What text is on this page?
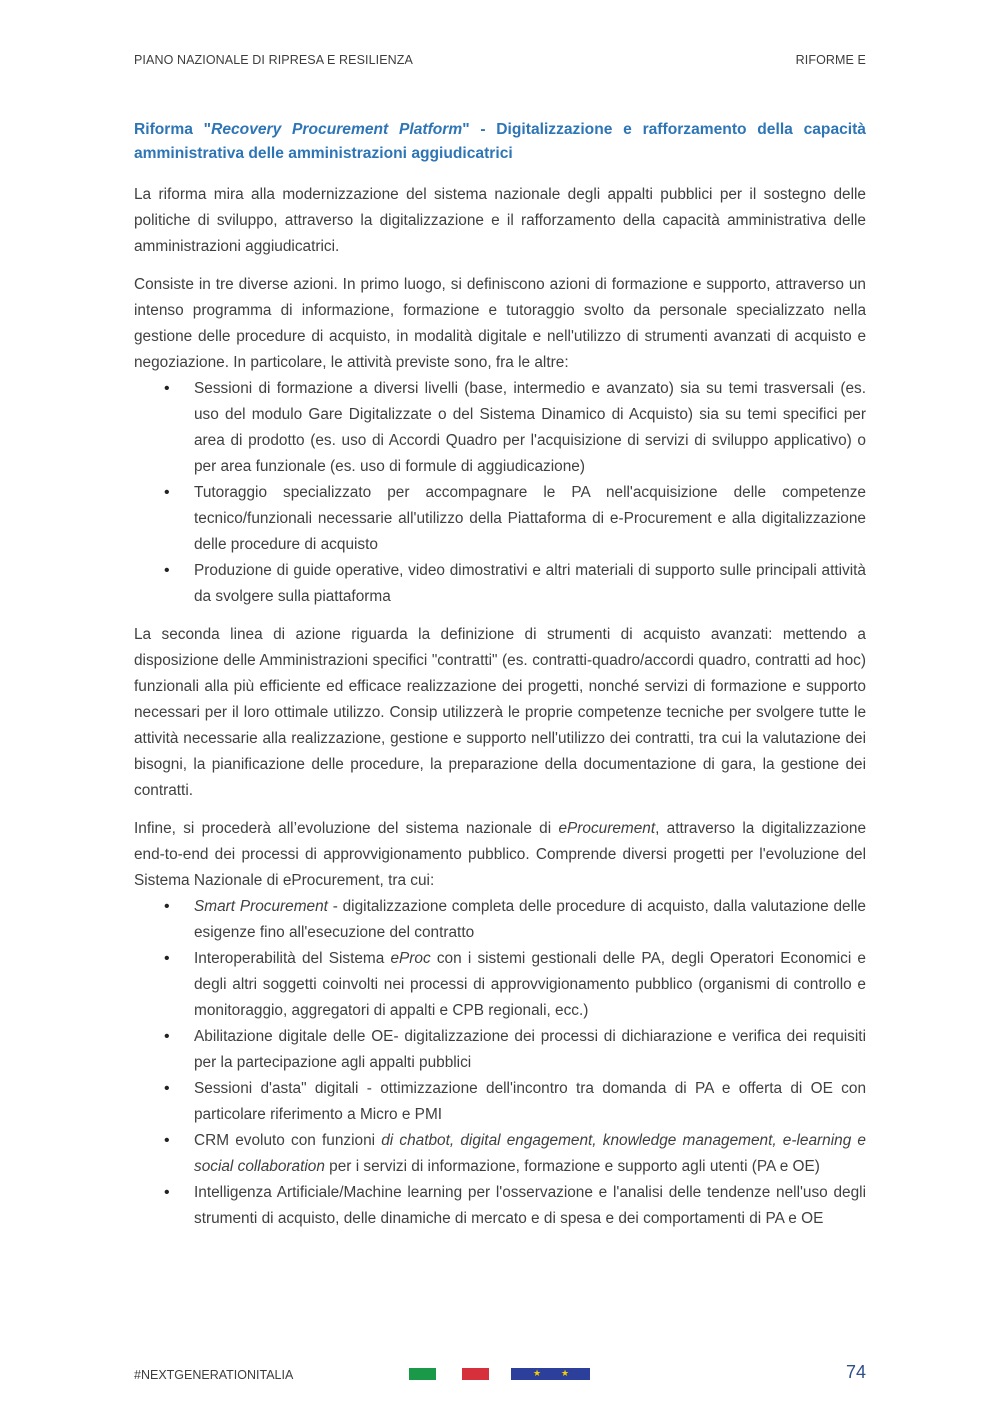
PIANO NAZIONALE DI RIPRESA E RESILIENZA	RIFORME E
Riforma "Recovery Procurement Platform" - Digitalizzazione e rafforzamento della capacità amministrativa delle amministrazioni aggiudicatrici

La riforma mira alla modernizzazione del sistema nazionale degli appalti pubblici per il sostegno delle politiche di sviluppo, attraverso la digitalizzazione e il rafforzamento della capacità amministrativa delle amministrazioni aggiudicatrici.

Consiste in tre diverse azioni. In primo luogo, si definiscono azioni di formazione e supporto, attraverso un intenso programma di informazione, formazione e tutoraggio svolto da personale specializzato nella gestione delle procedure di acquisto, in modalità digitale e nell'utilizzo di strumenti avanzati di acquisto e negoziazione. In particolare, le attività previste sono, fra le altre:

• Sessioni di formazione a diversi livelli (base, intermedio e avanzato) sia su temi trasversali (es. uso del modulo Gare Digitalizzate o del Sistema Dinamico di Acquisto) sia su temi specifici per area di prodotto (es. uso di Accordi Quadro per l'acquisizione di servizi di sviluppo applicativo) o per area funzionale (es. uso di formule di aggiudicazione)
• Tutoraggio specializzato per accompagnare le PA nell'acquisizione delle competenze tecnico/funzionali necessarie all'utilizzo della Piattaforma di e-Procurement e alla digitalizzazione delle procedure di acquisto
• Produzione di guide operative, video dimostrativi e altri materiali di supporto sulle principali attività da svolgere sulla piattaforma

La seconda linea di azione riguarda la definizione di strumenti di acquisto avanzati: mettendo a disposizione delle Amministrazioni specifici "contratti" (es. contratti-quadro/accordi quadro, contratti ad hoc) funzionali alla più efficiente ed efficace realizzazione dei progetti, nonché servizi di formazione e supporto necessari per il loro ottimale utilizzo. Consip utilizzerà le proprie competenze tecniche per svolgere tutte le attività necessarie alla realizzazione, gestione e supporto nell'utilizzo dei contratti, tra cui la valutazione dei bisogni, la pianificazione delle procedure, la preparazione della documentazione di gara, la gestione dei contratti.

Infine, si procederà all’evoluzione del sistema nazionale di eProcurement, attraverso la digitalizzazione end-to-end dei processi di approvvigionamento pubblico. Comprende diversi progetti per l'evoluzione del Sistema Nazionale di eProcurement, tra cui:

• Smart Procurement - digitalizzazione completa delle procedure di acquisto, dalla valutazione delle esigenze fino all'esecuzione del contratto
• Interoperabilità del Sistema eProc con i sistemi gestionali delle PA, degli Operatori Economici e degli altri soggetti coinvolti nei processi di approvvigionamento pubblico (organismi di controllo e monitoraggio, aggregatori di appalti e CPB regionali, ecc.)
• Abilitazione digitale delle OE- digitalizzazione dei processi di dichiarazione e verifica dei requisiti per la partecipazione agli appalti pubblici
• Sessioni d'asta" digitali - ottimizzazione dell'incontro tra domanda di PA e offerta di OE con particolare riferimento a Micro e PMI
• CRM evoluto con funzioni di chatbot, digital engagement, knowledge management, e-learning e social collaboration per i servizi di informazione, formazione e supporto agli utenti (PA e OE)
• Intelligenza Artificiale/Machine learning per l'osservazione e l'analisi delle tendenze nell'uso degli strumenti di acquisto, delle dinamiche di mercato e di spesa e dei comportamenti di PA e OE
#NEXTGENERATIONITALIA	★ ★	74
